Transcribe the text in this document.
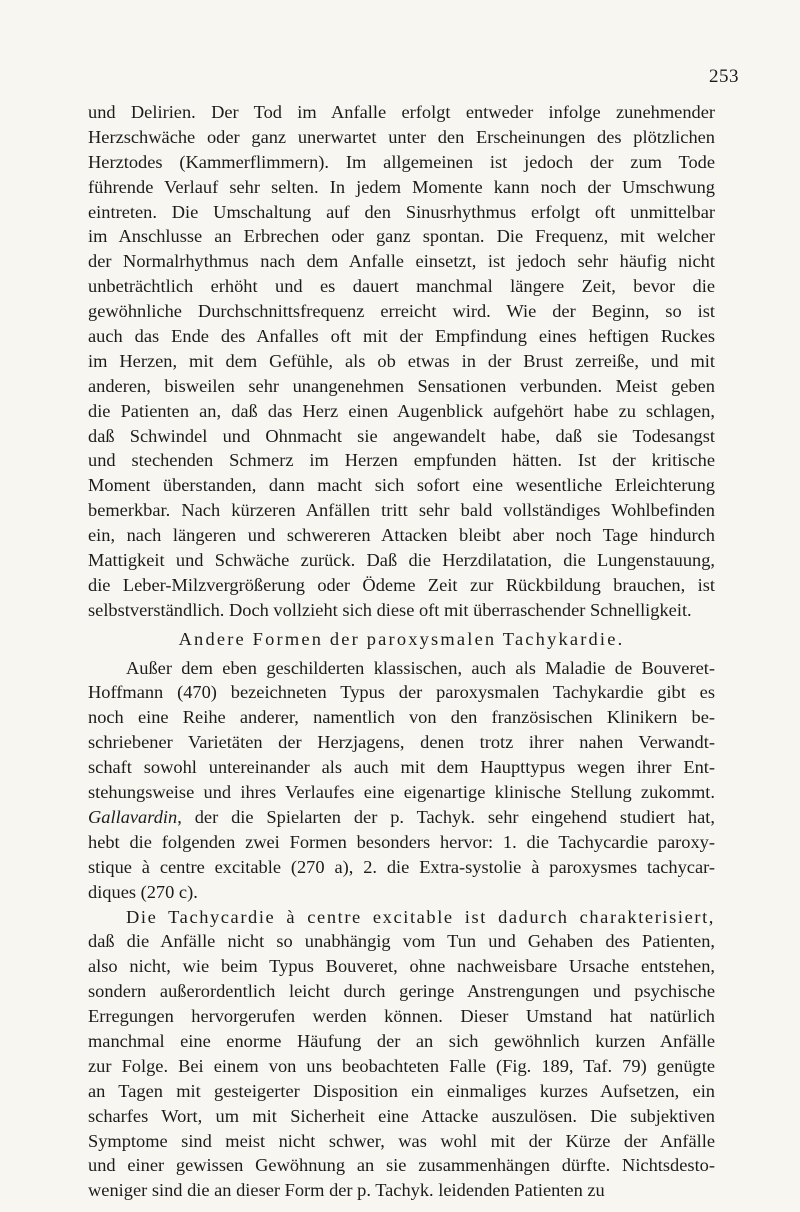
253
und Delirien. Der Tod im Anfalle erfolgt entweder infolge zunehmender
Herzschwäche oder ganz unerwartet unter den Erscheinungen des plötzlichen
Herztodes (Kammerflimmern). Im allgemeinen ist jedoch der zum Tode
führende Verlauf sehr selten. In jedem Momente kann noch der Umschwung
eintreten. Die Umschaltung auf den Sinusrhythmus erfolgt oft unmittelbar
im Anschlusse an Erbrechen oder ganz spontan. Die Frequenz, mit welcher
der Normalrhythmus nach dem Anfalle einsetzt, ist jedoch sehr häufig nicht
unbeträchtlich erhöht und es dauert manchmal längere Zeit, bevor die
gewöhnliche Durchschnittsfrequenz erreicht wird. Wie der Beginn, so ist
auch das Ende des Anfalles oft mit der Empfindung eines heftigen Ruckes
im Herzen, mit dem Gefühle, als ob etwas in der Brust zerreiße, und mit
anderen, bisweilen sehr unangenehmen Sensationen verbunden. Meist geben
die Patienten an, daß das Herz einen Augenblick aufgehört habe zu schlagen,
daß Schwindel und Ohnmacht sie angewandelt habe, daß sie Todesangst
und stechenden Schmerz im Herzen empfunden hätten. Ist der kritische
Moment überstanden, dann macht sich sofort eine wesentliche Erleichterung
bemerkbar. Nach kürzeren Anfällen tritt sehr bald vollständiges Wohlbefinden
ein, nach längeren und schwereren Attacken bleibt aber noch Tage hindurch
Mattigkeit und Schwäche zurück. Daß die Herzdilatation, die Lungenstauung,
die Leber-Milzvergrößerung oder Ödeme Zeit zur Rückbildung brauchen, ist
selbstverständlich. Doch vollzieht sich diese oft mit überraschender Schnelligkeit.
Andere Formen der paroxysmalen Tachykardie.
Außer dem eben geschilderten klassischen, auch als Maladie de Bouveret-
Hoffmann (470) bezeichneten Typus der paroxysmalen Tachykardie gibt es
noch eine Reihe anderer, namentlich von den französischen Klinikern be-
schriebener Varietäten der Herzjagens, denen trotz ihrer nahen Verwandt-
schaft sowohl untereinander als auch mit dem Haupttypus wegen ihrer Ent-
stehungsweise und ihres Verlaufes eine eigenartige klinische Stellung zukommt.
Gallavardin, der die Spielarten der p. Tachyk. sehr eingehend studiert hat,
hebt die folgenden zwei Formen besonders hervor: 1. die Tachycardie paroxy-
stique à centre excitable (270 a), 2. die Extra-systolie à paroxysmes tachycar-
diques (270 c).
Die Tachycardie à centre excitable ist dadurch charakterisiert,
daß die Anfälle nicht so unabhängig vom Tun und Gehaben des Patienten,
also nicht, wie beim Typus Bouveret, ohne nachweisbare Ursache entstehen,
sondern außerordentlich leicht durch geringe Anstrengungen und psychische
Erregungen hervorgerufen werden können. Dieser Umstand hat natürlich
manchmal eine enorme Häufung der an sich gewöhnlich kurzen Anfälle
zur Folge. Bei einem von uns beobachteten Falle (Fig. 189, Taf. 79) genügte
an Tagen mit gesteigerter Disposition ein einmaliges kurzes Aufsetzen, ein
scharfes Wort, um mit Sicherheit eine Attacke auszulösen. Die subjektiven
Symptome sind meist nicht schwer, was wohl mit der Kürze der Anfälle
und einer gewissen Gewöhnung an sie zusammenhängen dürfte. Nichtsdesto-
weniger sind die an dieser Form der p. Tachyk. leidenden Patienten zu
